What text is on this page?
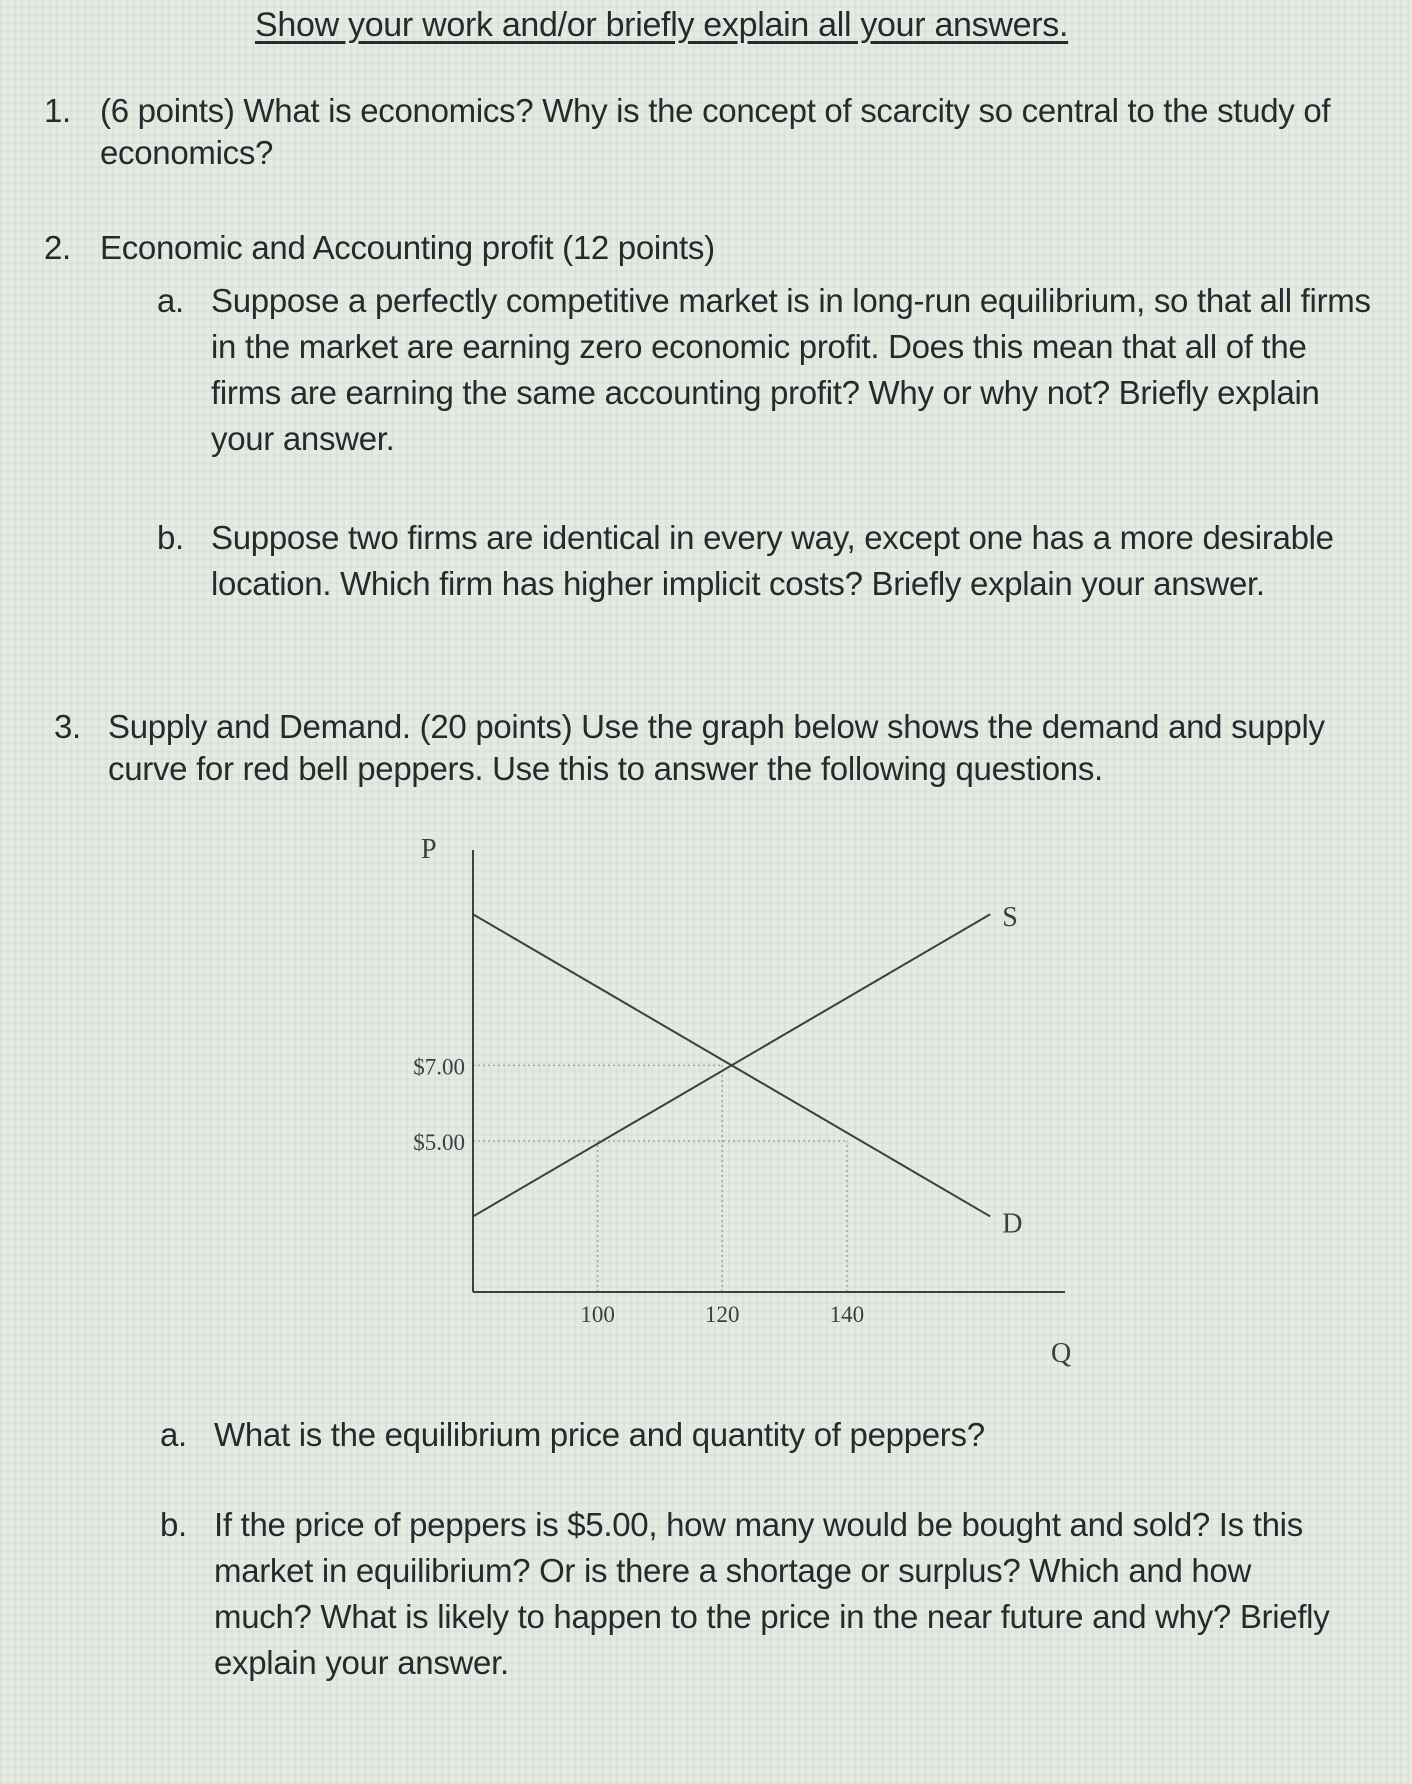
Show your work and/or briefly explain all your answers.
1. (6 points) What is economics? Why is the concept of scarcity so central to the study of economics?
2. Economic and Accounting profit (12 points)
a. Suppose a perfectly competitive market is in long-run equilibrium, so that all firms in the market are earning zero economic profit. Does this mean that all of the firms are earning the same accounting profit? Why or why not? Briefly explain your answer.
b. Suppose two firms are identical in every way, except one has a more desirable location. Which firm has higher implicit costs? Briefly explain your answer.
3. Supply and Demand. (20 points) Use the graph below shows the demand and supply curve for red bell peppers. Use this to answer the following questions.
S
D
P
Q
$5.00
$7.00
100	120	140
a. What is the equilibrium price and quantity of peppers?
b. If the price of peppers is $5.00, how many would be bought and sold? Is this market in equilibrium? Or is there a shortage or surplus? Which and how much? What is likely to happen to the price in the near future and why? Briefly explain your answer.
